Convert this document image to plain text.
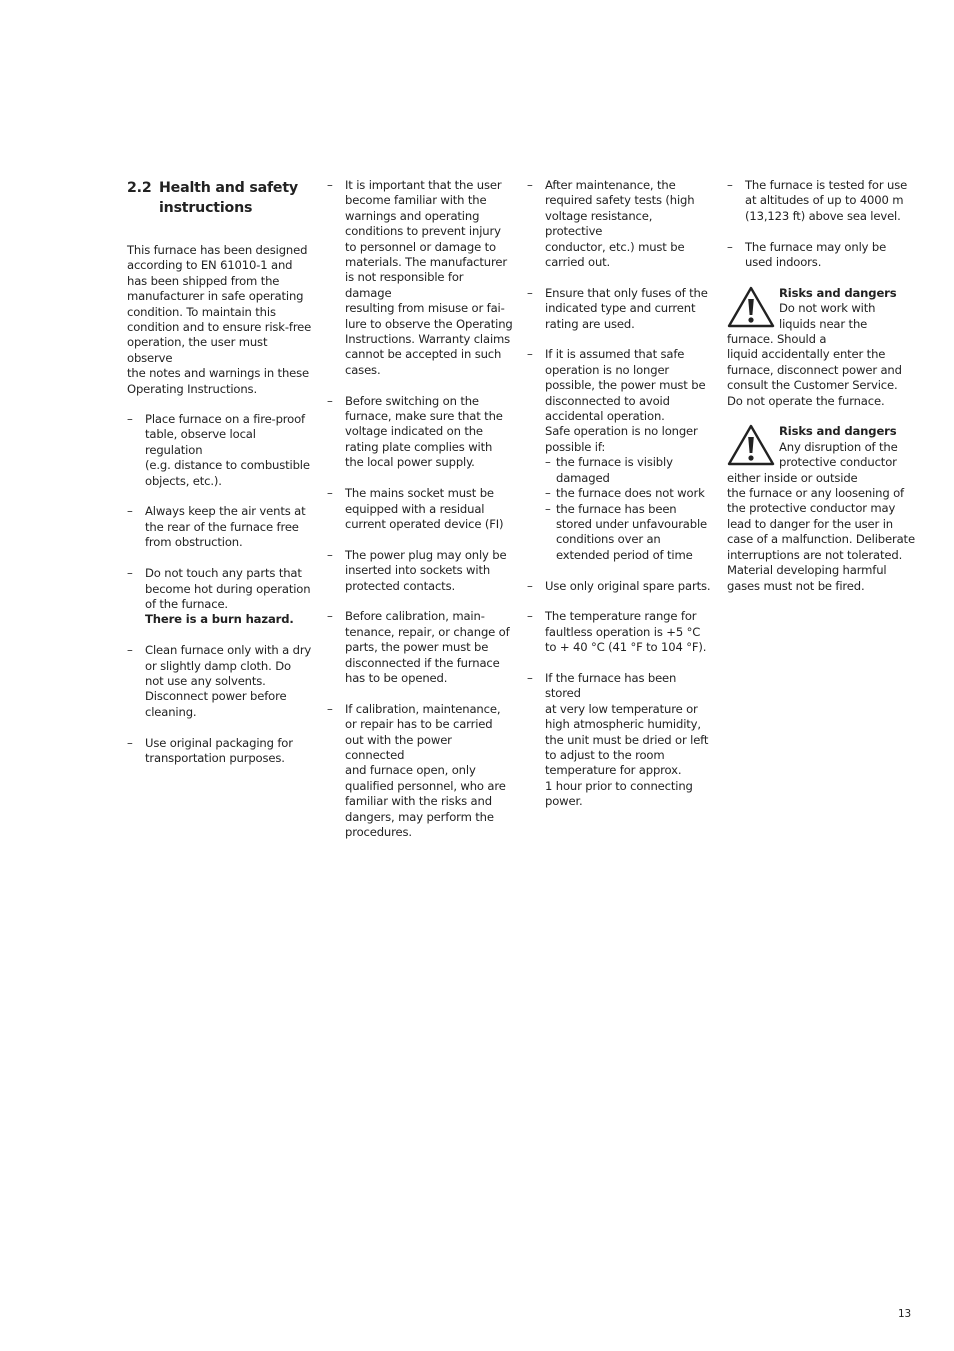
2.2 Health and safety
instructions
This furnace has been designed
according to EN 61010-1 and
has been shipped from the
manufacturer in safe operating
condition. To maintain this
condition and to ensure risk-free
operation, the user must observe
the notes and warnings in these
Operating Instructions.
– Place furnace on a fire-proof
table, observe local regulation
(e.g. distance to combustible
objects, etc.).
– Always keep the air vents at
the rear of the furnace free
from obstruction.
– Do not touch any parts that
become hot during operation
of the furnace.
There is a burn hazard.
– Clean furnace only with a dry
or slightly damp cloth. Do
not use any solvents.
Disconnect power before
cleaning.
– Use original packaging for
transportation purposes.
– It is important that the user
become familiar with the
warnings and operating
conditions to prevent injury
to personnel or damage to
materials. The manufacturer
is not responsible for damage
resulting from misuse or fai-
lure to observe the Operating
Instructions. Warranty claims
cannot be accepted in such
cases.
– Before switching on the
furnace, make sure that the
voltage indicated on the
rating plate complies with
the local power supply.
– The mains socket must be
equipped with a residual
current operated device (FI)
– The power plug may only be
inserted into sockets with
protected contacts.
– Before calibration, main-
tenance, repair, or change of
parts, the power must be
disconnected if the furnace
has to be opened.
– If calibration, maintenance,
or repair has to be carried
out with the power connected
and furnace open, only
qualified personnel, who are
familiar with the risks and
dangers, may perform the
procedures.
– After maintenance, the
required safety tests (high
voltage resistance, protective
conductor, etc.) must be
carried out.
– Ensure that only fuses of the
indicated type and current
rating are used.
– If it is assumed that safe
operation is no longer
possible, the power must be
disconnected to avoid
accidental operation.
Safe operation is no longer
possible if:
– the furnace is visibly
damaged
– the furnace does not work
– the furnace has been
stored under unfavourable
conditions over an
extended period of time
– Use only original spare parts.
– The temperature range for
faultless operation is +5 °C
to + 40 °C (41 °F to 104 °F).
– If the furnace has been stored
at very low temperature or
high atmospheric humidity,
the unit must be dried or left
to adjust to the room
temperature for approx.
1 hour prior to connecting
power.
– The furnace is tested for use
at altitudes of up to 4000 m
(13,123 ft) above sea level.
– The furnace may only be
used indoors.
Risks and dangers
Do not work with
liquids near the
furnace. Should a
liquid accidentally enter the
furnace, disconnect power and
consult the Customer Service.
Do not operate the furnace.
Risks and dangers
Any disruption of the
protective conductor
either inside or outside
the furnace or any loosening of
the protective conductor may
lead to danger for the user in
case of a malfunction. Deliberate
interruptions are not tolerated.
Material developing harmful
gases must not be fired.
13
